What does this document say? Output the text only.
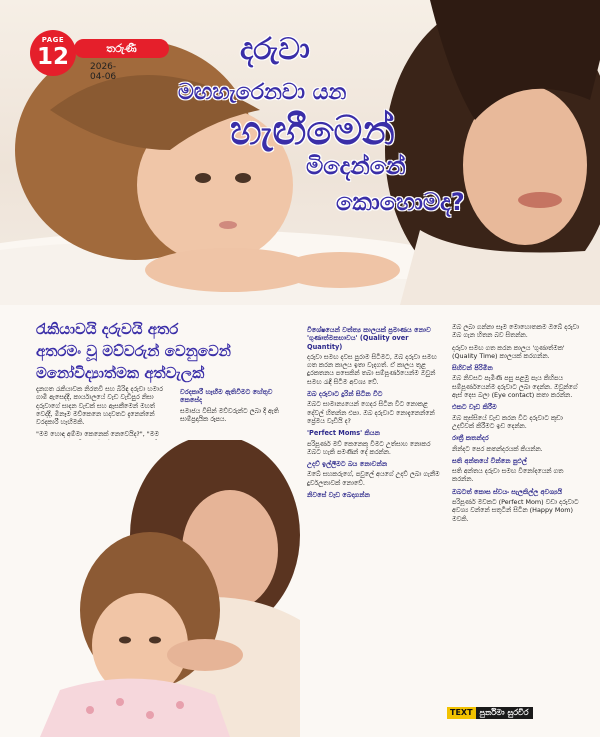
තරුණී
PAGE
12	2026-04-06
දරුවා
මඟහැරෙනවා යන
හැඟීමෙන්
මිදෙන්නේ
කොහොමද?
රැකියාවයි දරුවයි අතර
අතරමං වූ මව්වරුන් වෙනුවෙන්
මනෝවිද්‍යාත්මක අත්වැලක්

දැනගත රැකියාවක නිරතවී සහ බිරිඳ දරුවා හමාර ගාමී ඇසෙද්දී, කාර්යාලයේ වැඩ වැඩිපුර නිසා දරුවාගේ සාදන වැඩක් සහ ඇසකීමෙන් මහත් වෙද්දී, මිනෑම මව්කෙනෙ හදවතට දැනෙන්නේ වරදකාරී හැඟීමකි.

"මම හොඳ අම්මා කෙනෙක් නෙවෙයිද?", "මම

වරදකාරී හැඟීම ඇතිවීමට හේතුව කෙසේද

සමාජය විසින් මව්වරුන්ට ලබා දී ඇති සාම්ප්‍රදායික රූපය.

විශේෂයෙන් වත්ත්‍ය කාලයක් ප්‍රමාණය නොව 'ගුණාත්මකභාවය' (Quality over Quantity)

දරුවා සමඟ දවස පුරාම සිටීමට, ඔබ දරුවා සමඟ ගත කරන කාලය ඉතා වැදගත්. ඒ කාලය තුළ දුරකතනය පසෙකින් තබා සම්පූර්ණයෙන්ම ඔවුන් සමඟ රැඳී සිටීම අවශ්‍ය වේ.

ඔබ දරුවාට දුරින් සිටින විට

ඔබට සාමාන්‍යයෙන් ගෙදර සිටින විට නොකළ දේවල් හිතන්න එපා. ඔබ දරුවාට නොදැනෙන්නේ ප්‍රේමය වැඩියි ද?

'Perfect Moms' කියන

පරිපූර්ණ මව් කෙනෙකු වීමට උත්සාහ නොකර ඔබට හැකි පමණින් දේ කරන්න.

උදව් ඉල්ලීමට බය නොවන්න

ඔබේ සහකරුගේ, පවුලේ අයගේ උදව් ලබා ගැනීම දුර්වලතාවක් නොවේ.

නිවසේ වැඩ බෙදාගන්න

ඔබ ලබා ගන්නා සෑම මොහොතකම ඔබේ දරුවා ඔබ ගැන හිතන බව සිතන්න.

දරුවා සමඟ ගත කරන කාලය 'ගුණාත්මක' (Quality Time) කාලයක් කරගන්න.

සිහිවන් පිරිමින

ඔබ නිවසට පැමිණි පසු පළමු පැය කිහිපය සම්පූර්ණයෙන්ම දරුවාට ලබා දෙන්න. ඔවුන්ගේ ඇස් දෙස බලා (Eye contact) කතා කරන්න.

එකට වැඩ කිරීම

ඔබ කුස්සියේ වැඩ කරන විට දරුවාට කුඩා උදව්වක් කිරීමට ඉඩ දෙන්න.

රාත්‍රී කතන්දර

නින්දට පෙර කතන්දරයක් කියන්න.

සති අන්තයේ වින්නෙ පුළුල්

සති අන්තය දරුවා සමඟ විනෝදයෙන් ගත කරන්න.

ඔබටත් කොස ස්වයං සැලකිල්ල අවශ්‍යයි

පරිපූර්ණ මවකට (Perfect Mom) වඩා දරුවාට අවශ්‍ය වන්නේ සතුටින් සිටින (Happy Mom) මවකි.

TEXT පුර්නිමා සුරවීර
